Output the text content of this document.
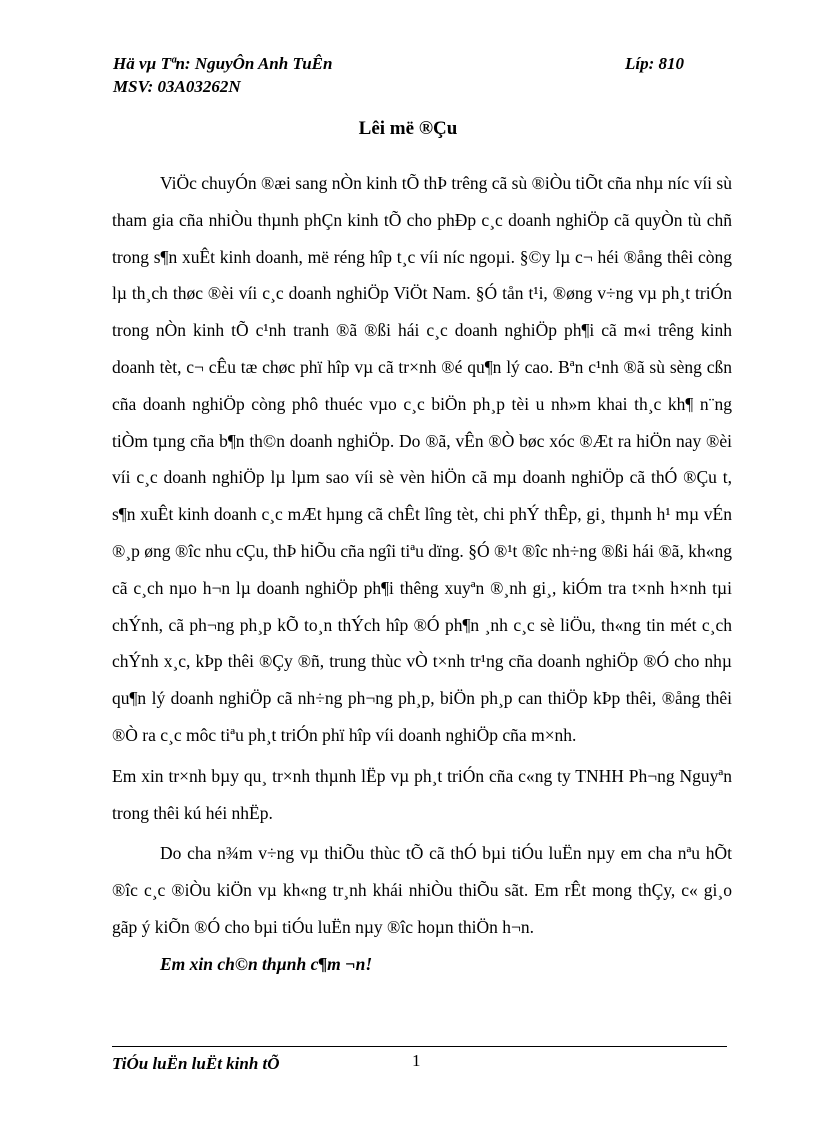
Hä vµ Tªn: NguyÔn Anh TuÊn	Líp: 810
MSV: 03A03262N
Lêi më ®Çu

ViÖc chuyÓn ®æi sang nÒn kinh tÕ thÞ trêng cã sù ®iÒu tiÕt cña nhµ níc víi sù tham gia cña nhiÒu thµnh phÇn kinh tÕ cho phÐp c¸c doanh nghiÖp cã quyÒn tù chñ trong s¶n xuÊt kinh doanh, më réng hîp t¸c víi níc ngoµi. §©y lµ c¬ héi ®ång thêi còng lµ th¸ch thøc ®èi víi c¸c doanh nghiÖp ViÖt Nam. §Ó tån t¹i, ®øng v÷ng vµ ph¸t triÓn trong nÒn kinh tÕ c¹nh tranh ®ã ®ßi hái c¸c doanh nghiÖp ph¶i cã m«i trêng kinh doanh tèt, c¬ cÊu tæ chøc phï hîp vµ cã tr×nh ®é qu¶n lý cao. Bªn c¹nh ®ã sù sèng cßn cña doanh nghiÖp còng phô thuéc vµo c¸c biÖn ph¸p tèi u nh»m khai th¸c kh¶ n¨ng tiÒm tµng cña b¶n th©n doanh nghiÖp. Do ®ã, vÊn ®Ò bøc xóc ®Æt ra hiÖn nay ®èi víi c¸c doanh nghiÖp lµ lµm sao víi sè vèn hiÖn cã mµ doanh nghiÖp cã thÓ ®Çu t, s¶n xuÊt kinh doanh c¸c mÆt hµng cã chÊt lîng tèt, chi phÝ thÊp, gi¸ thµnh h¹ mµ vÉn ®¸p øng ®îc nhu cÇu, thÞ hiÕu cña ngîi tiªu dïng. §Ó ®¹t ®îc nh÷ng ®ßi hái ®ã, kh«ng cã c¸ch nµo h¬n lµ doanh nghiÖp ph¶i thêng xuyªn ®¸nh gi¸, kiÓm tra t×nh h×nh tµi chÝnh, cã ph¬ng ph¸p kÕ to¸n thÝch hîp ®Ó ph¶n ¸nh c¸c sè liÖu, th«ng tin mét c¸ch chÝnh x¸c, kÞp thêi ®Çy ®ñ, trung thùc vÒ t×nh tr¹ng cña doanh nghiÖp ®Ó cho nhµ qu¶n lý doanh nghiÖp cã nh÷ng ph¬ng ph¸p, biÖn ph¸p can thiÖp kÞp thêi, ®ång thêi ®Ò ra c¸c môc tiªu ph¸t triÓn phï hîp víi doanh nghiÖp cña m×nh.

Em xin tr×nh bµy qu¸ tr×nh thµnh lËp vµ ph¸t triÓn cña c«ng ty TNHH Ph¬ng Nguyªn trong thêi kú héi nhËp.

Do cha n¾m v÷ng vµ thiÕu thùc tÕ cã thÓ bµi tiÓu luËn nµy em cha nªu hÕt ®îc c¸c ®iÒu kiÖn vµ kh«ng tr¸nh khái nhiÒu thiÕu sãt. Em rÊt mong thÇy, c« gi¸o gãp ý kiÕn ®Ó cho bµi tiÓu luËn nµy ®îc hoµn thiÖn h¬n.

Em xin ch©n thµnh c¶m ¬n!

TiÓu luËn luËt kinh tÕ	1
